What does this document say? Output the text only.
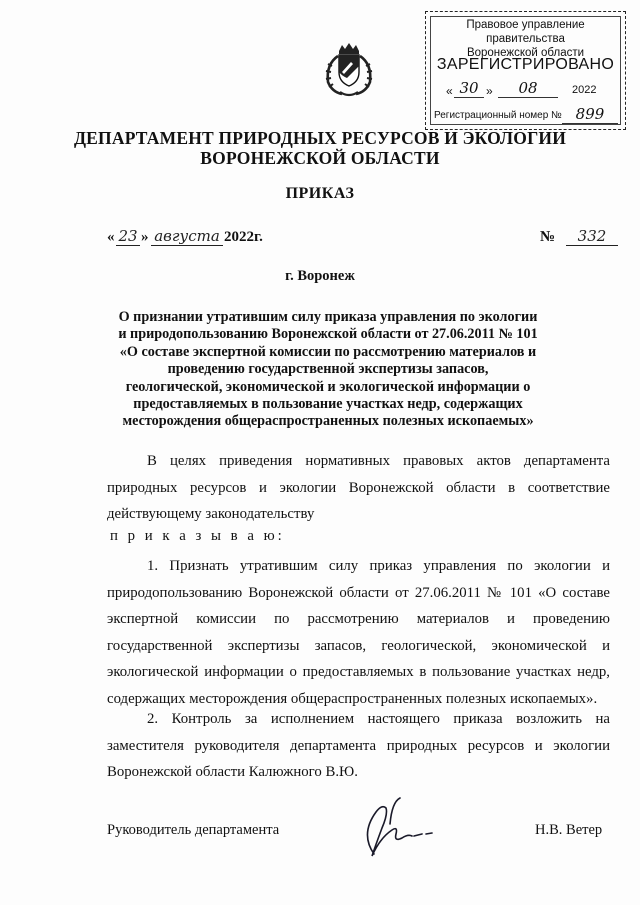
Правовое управление правительства
Воронежской области
ЗАРЕГИСТРИРОВАНО
« 30 »	08	2022
Регистрационный номер № 899
ДЕПАРТАМЕНТ ПРИРОДНЫХ РЕСУРСОВ И ЭКОЛОГИИ
ВОРОНЕЖСКОЙ ОБЛАСТИ
ПРИКАЗ
« 23 » августа 2022г.	№	332
г. Воронеж
О признании утратившим силу приказа управления по экологии и природопользованию Воронежской области от 27.06.2011 № 101 «О составе экспертной комиссии по рассмотрению материалов и проведению государственной экспертизы запасов, геологической, экономической и экологической информации о предоставляемых в пользование участках недр, содержащих месторождения общераспространенных полезных ископаемых»
В целях приведения нормативных правовых актов департамента природных ресурсов и экологии Воронежской области в соответствие действующему законодательству
п р и к а з ы в а ю:
1. Признать утратившим силу приказ управления по экологии и природопользованию Воронежской области от 27.06.2011 № 101 «О составе экспертной комиссии по рассмотрению материалов и проведению государственной экспертизы запасов, геологической, экономической и экологической информации о предоставляемых в пользование участках недр, содержащих месторождения общераспространенных полезных ископаемых».
2. Контроль за исполнением настоящего приказа возложить на заместителя руководителя департамента природных ресурсов и экологии Воронежской области Калюжного В.Ю.
Руководитель департамента	Н.В. Ветер
